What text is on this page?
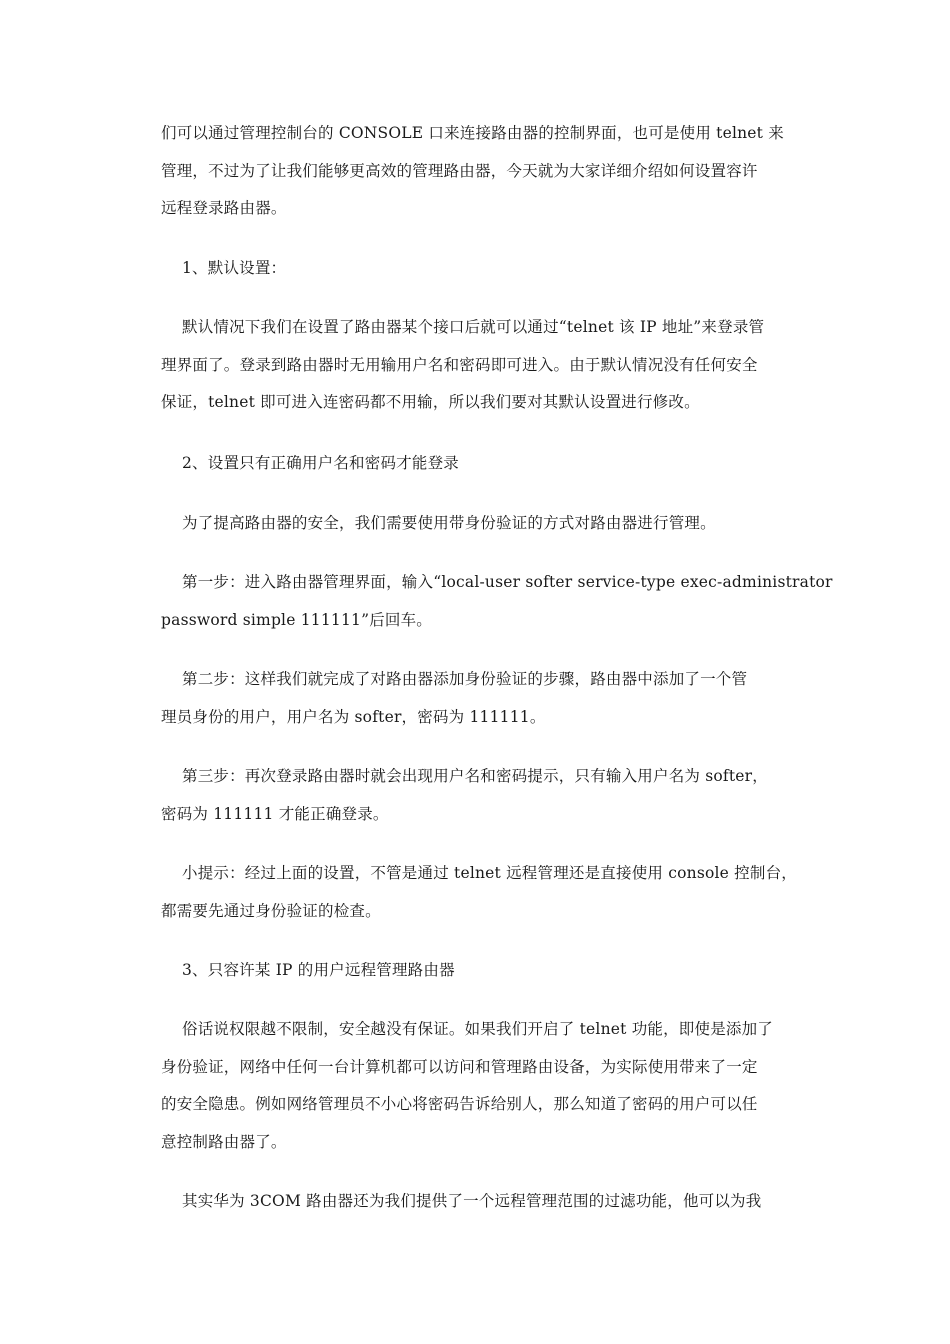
们可以通过管理控制台的 CONSOLE 口来连接路由器的控制界面，也可是使用 telnet 来
管理，不过为了让我们能够更高效的管理路由器，今天就为大家详细介绍如何设置容许
远程登录路由器。

1、默认设置：

默认情况下我们在设置了路由器某个接口后就可以通过“telnet 该 IP 地址”来登录管
理界面了。登录到路由器时无用输用户名和密码即可进入。由于默认情况没有任何安全
保证，telnet 即可进入连密码都不用输，所以我们要对其默认设置进行修改。

2、设置只有正确用户名和密码才能登录

为了提高路由器的安全，我们需要使用带身份验证的方式对路由器进行管理。

第一步：进入路由器管理界面，输入“local-user softer service-type exec-administrator
password simple 111111”后回车。

第二步：这样我们就完成了对路由器添加身份验证的步骤，路由器中添加了一个管
理员身份的用户，用户名为 softer，密码为 111111。

第三步：再次登录路由器时就会出现用户名和密码提示，只有输入用户名为 softer，
密码为 111111 才能正确登录。

小提示：经过上面的设置，不管是通过 telnet 远程管理还是直接使用 console 控制台，
都需要先通过身份验证的检查。

3、只容许某 IP 的用户远程管理路由器

俗话说权限越不限制，安全越没有保证。如果我们开启了 telnet 功能，即使是添加了
身份验证，网络中任何一台计算机都可以访问和管理路由设备，为实际使用带来了一定
的安全隐患。例如网络管理员不小心将密码告诉给别人，那么知道了密码的用户可以任
意控制路由器了。

其实华为 3COM 路由器还为我们提供了一个远程管理范围的过滤功能，他可以为我
